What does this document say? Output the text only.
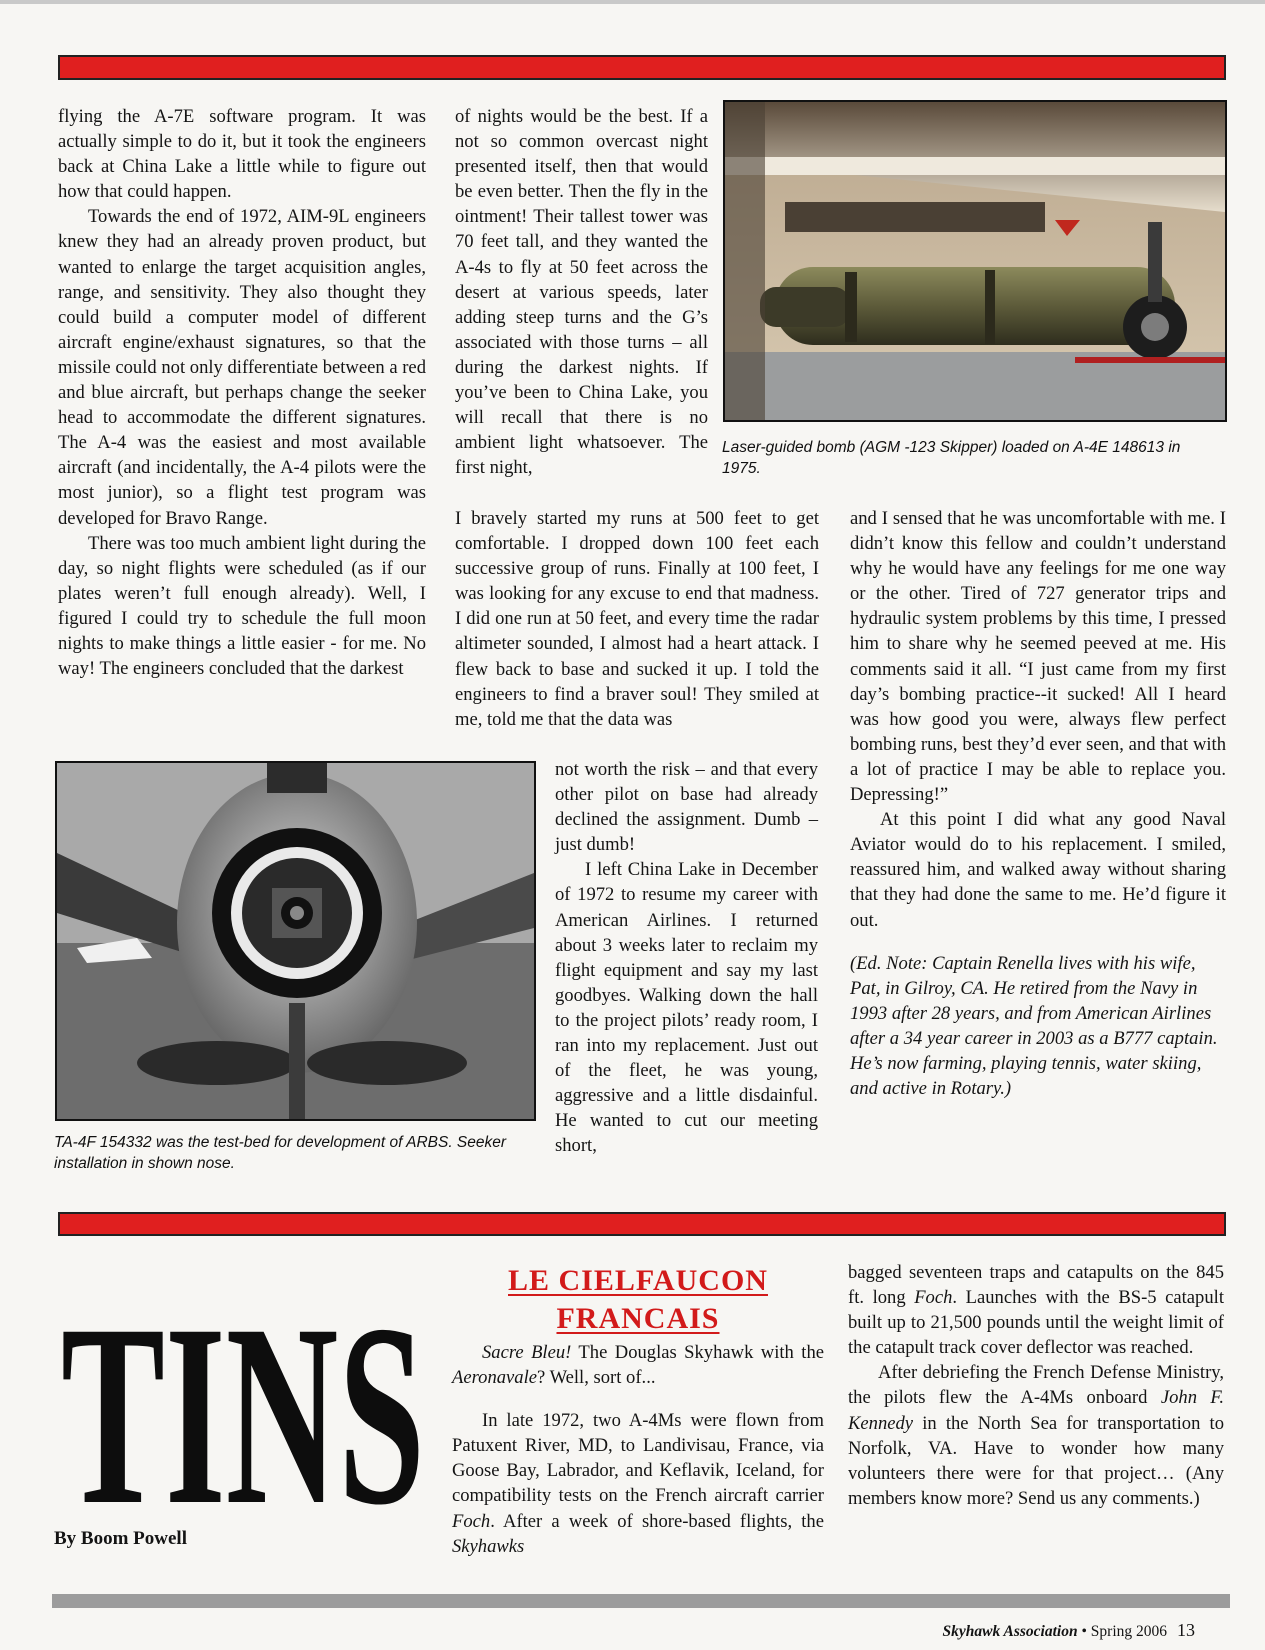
flying the A-7E software program. It was actually simple to do it, but it took the engineers back at China Lake a little while to figure out how that could happen.

Towards the end of 1972, AIM-9L engineers knew they had an already proven product, but wanted to enlarge the target acquisition angles, range, and sensitivity. They also thought they could build a computer model of different aircraft engine/exhaust signatures, so that the missile could not only differentiate between a red and blue aircraft, but perhaps change the seeker head to accommodate the different signatures. The A-4 was the easiest and most available aircraft (and incidentally, the A-4 pilots were the most junior), so a flight test program was developed for Bravo Range.

There was too much ambient light during the day, so night flights were scheduled (as if our plates weren’t full enough already). Well, I figured I could try to schedule the full moon nights to make things a little easier - for me. No way! The engineers concluded that the darkest

of nights would be the best. If a not so common overcast night presented itself, then that would be even better. Then the fly in the ointment! Their tallest tower was 70 feet tall, and they wanted the A-4s to fly at 50 feet across the desert at various speeds, later adding steep turns and the G’s associated with those turns – all during the darkest nights. If you’ve been to China Lake, you will recall that there is no ambient light whatsoever. The first night,

Laser-guided bomb (AGM -123 Skipper) loaded on A-4E 148613 in 1975.

I bravely started my runs at 500 feet to get comfortable. I dropped down 100 feet each successive group of runs. Finally at 100 feet, I was looking for any excuse to end that madness. I did one run at 50 feet, and every time the radar altimeter sounded, I almost had a heart attack. I flew back to base and sucked it up. I told the engineers to find a braver soul! They smiled at me, told me that the data was

TA-4F 154332 was the test-bed for development of ARBS. Seeker installation in shown nose.

not worth the risk – and that every other pilot on base had already declined the assignment. Dumb – just dumb!

I left China Lake in December of 1972 to resume my career with American Airlines. I returned about 3 weeks later to reclaim my flight equipment and say my last goodbyes. Walking down the hall to the project pilots’ ready room, I ran into my replacement. Just out of the fleet, he was young, aggressive and a little disdainful. He wanted to cut our meeting short,

and I sensed that he was uncomfortable with me. I didn’t know this fellow and couldn’t understand why he would have any feelings for me one way or the other. Tired of 727 generator trips and hydraulic system problems by this time, I pressed him to share why he seemed peeved at me. His comments said it all. “I just came from my first day’s bombing practice--it sucked! All I heard was how good you were, always flew perfect bombing runs, best they’d ever seen, and that with a lot of practice I may be able to replace you. Depressing!”

At this point I did what any good Naval Aviator would do to his replacement. I smiled, reassured him, and walked away without sharing that they had done the same to me. He’d figure it out.

(Ed. Note: Captain Renella lives with his wife, Pat, in Gilroy, CA. He retired from the Navy in 1993 after 28 years, and from American Airlines after a 34 year career in 2003 as a B777 captain. He’s now farming, playing tennis, water skiing, and active in Rotary.)

TINS
By Boom Powell
LE CIELFAUCON
FRANCAIS

Sacre Bleu! The Douglas Skyhawk with the Aeronavale? Well, sort of...

In late 1972, two A-4Ms were flown from Patuxent River, MD, to Landivisau, France, via Goose Bay, Labrador, and Keflavik, Iceland, for compatibility tests on the French aircraft carrier Foch. After a week of shore-based flights, the Skyhawks

bagged seventeen traps and catapults on the 845 ft. long Foch. Launches with the BS-5 catapult built up to 21,500 pounds until the weight limit of the catapult track cover deflector was reached.

After debriefing the French Defense Ministry, the pilots flew the A-4Ms onboard John F. Kennedy in the North Sea for transportation to Norfolk, VA. Have to wonder how many volunteers there were for that project… (Any members know more? Send us any comments.)

Skyhawk Association • Spring 2006 13
